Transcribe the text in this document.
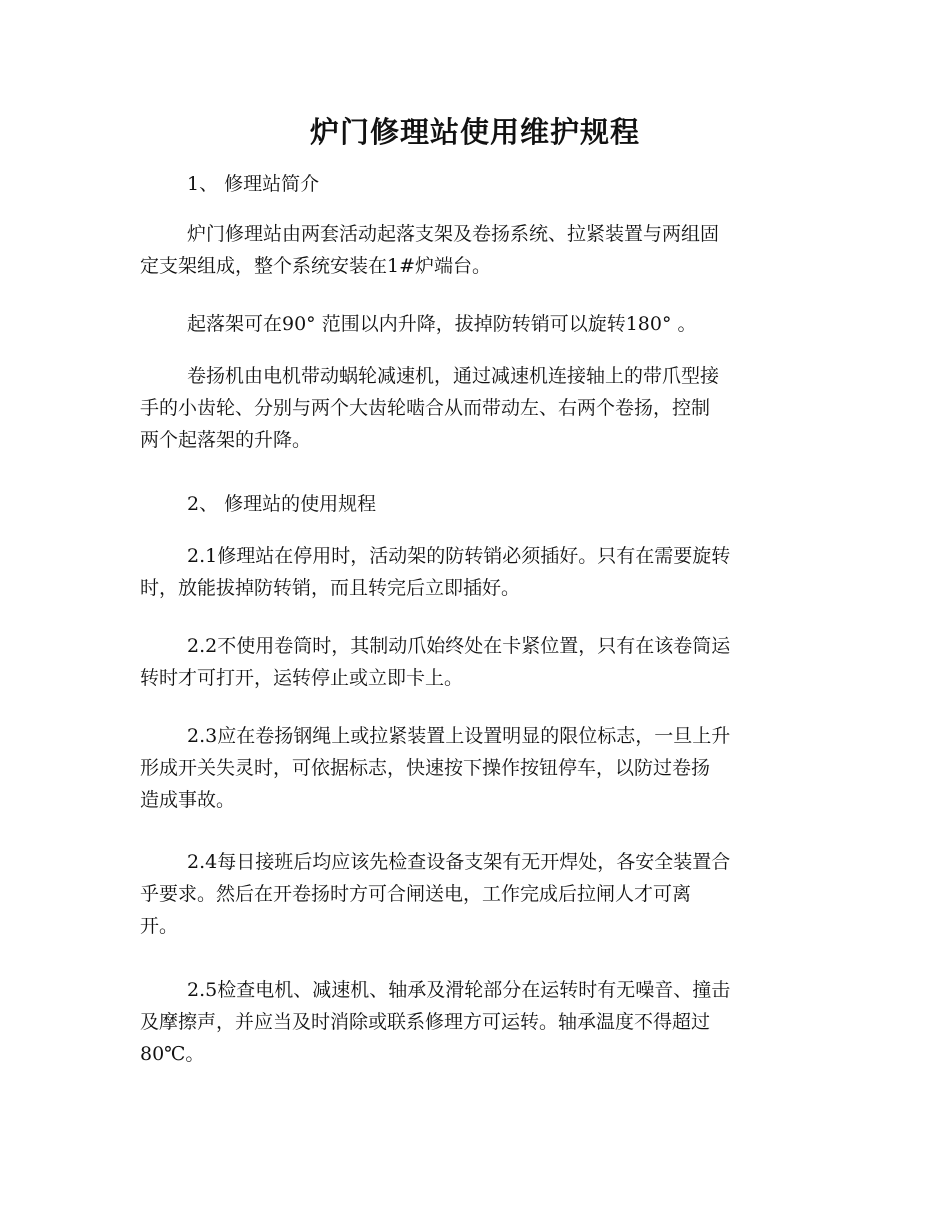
炉门修理站使用维护规程
1、 修理站简介
炉门修理站由两套活动起落支架及卷扬系统、拉紧装置与两组固
定支架组成，整个系统安装在1#炉端台。
起落架可在90° 范围以内升降，拔掉防转销可以旋转180° 。
卷扬机由电机带动蜗轮减速机，通过减速机连接轴上的带爪型接
手的小齿轮、分别与两个大齿轮啮合从而带动左、右两个卷扬，控制
两个起落架的升降。
2、 修理站的使用规程
2.1修理站在停用时，活动架的防转销必须插好。只有在需要旋转
时，放能拔掉防转销，而且转完后立即插好。
2.2不使用卷筒时，其制动爪始终处在卡紧位置，只有在该卷筒运
转时才可打开，运转停止或立即卡上。
2.3应在卷扬钢绳上或拉紧装置上设置明显的限位标志，一旦上升
形成开关失灵时，可依据标志，快速按下操作按钮停车，以防过卷扬
造成事故。
2.4每日接班后均应该先检查设备支架有无开焊处，各安全装置合
乎要求。然后在开卷扬时方可合闸送电，工作完成后拉闸人才可离
开。
2.5检查电机、减速机、轴承及滑轮部分在运转时有无噪音、撞击
及摩擦声，并应当及时消除或联系修理方可运转。轴承温度不得超过
80℃。
